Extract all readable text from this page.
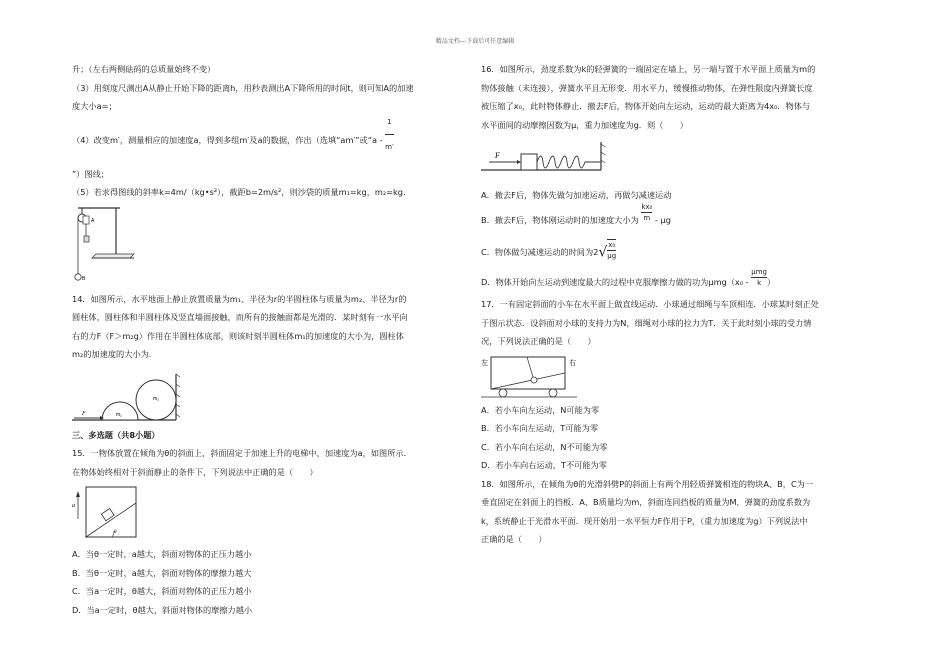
精品文档---下载后可任意编辑

升；（左右两侧砝码的总质量始终不变）

（3）用刻度尺测出A从静止开始下降的距离h，用秒表测出A下降所用的时间t，则可知A的加速

度大小a=；

（4）改变m′，测量相应的加速度a，得到多组m′及a的数据，作出（选填“am′”或“a - $\frac{1}{m'}$

”）图线；

（5）若求得图线的斜率k=4m/（kg•s²），截距b=2m/s²，则沙袋的质量m₁=kg，m₂=kg.

A
B

14．如图所示，水平地面上静止放置质量为m₁、半径为r的半圆柱体与质量为m₂、半径为r的

圆柱体，圆柱体和半圆柱体及竖直墙面接触，而所有的接触面都是光滑的．某时刻有一水平向

右的力F（F＞m₂g）作用在半圆柱体底部，则该时刻半圆柱体m₁的加速度的大小为，圆柱体

m₂的加速度的大小为.

F	m₁
m₂

三、多选题（共8小题）

15．一物体放置在倾角为θ的斜面上，斜面固定于加速上升的电梯中，加速度为a，如图所示．

在物体始终相对于斜面静止的条件下，下列说法中正确的是（　　）

θ
a

A．当θ一定时，a越大，斜面对物体的正压力越小

B．当θ一定时，a越大，斜面对物体的摩擦力越大

C．当a一定时，θ越大，斜面对物体的正压力越小

D．当a一定时，θ越大，斜面对物体的摩擦力越小

16．如图所示，劲度系数为k的轻弹簧的一端固定在墙上，另一端与置于水平面上质量为m的

物体接触（未连接），弹簧水平且无形变．用水平力，缓慢推动物体，在弹性限度内弹簧长度

被压缩了x₀，此时物体静止．撤去F后，物体开始向左运动，运动的最大距离为4x₀．物体与

水平面间的动摩擦因数为μ，重力加速度为g．则（　　）

F

A．撤去F后，物体先做匀加速运动，再做匀减速运动

B．撤去F后，物体刚运动时的加速度大小为 $\frac{\text{kx₀}}{m}$ - μg

C．物体做匀减速运动的时间为$2√ \frac{\text{x₀}}{\mu g}$

D．物体开始向左运动到速度最大的过程中克服摩擦力做的功为$\mu mg(x_0 - \frac{\text{μmg}}{k}$ ）

17．一有固定斜面的小车在水平面上做直线运动．小球通过细绳与车顶相连．小球某时刻正处

于图示状态．设斜面对小球的支持力为N，细绳对小球的拉力为T．关于此时刻小球的受力情

况，下列说法正确的是（　　）

左	右

A．若小车向左运动，N可能为零

B．若小车向左运动，T可能为零

C．若小车向右运动，N不可能为零

D．若小车向右运动，T不可能为零

18．如图所示，在倾角为θ的光滑斜劈P的斜面上有两个用轻质弹簧相连的物块A、B，C为一

垂直固定在斜面上的挡板．A、B质量均为m，斜面连同挡板的质量为M，弹簧的劲度系数为

k，系统静止于光滑水平面．现开始用一水平恒力F作用于P，（重力加速度为g）下列说法中

正确的是（　　）
